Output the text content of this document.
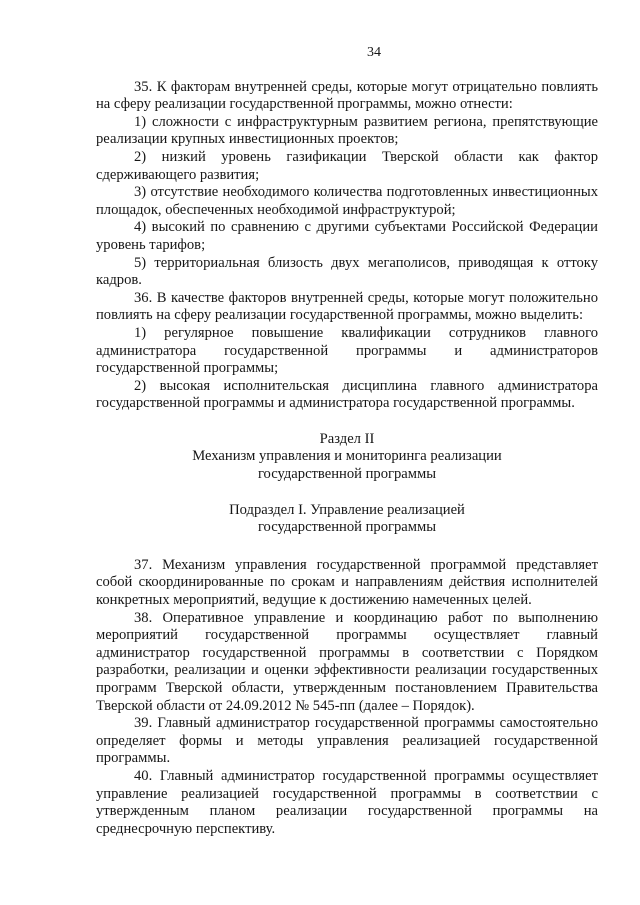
34

35. К факторам внутренней среды, которые могут отрицательно повлиять на сферу реализации государственной программы, можно отнести:

1) сложности с инфраструктурным развитием региона, препятствующие реализации крупных инвестиционных проектов;

2) низкий уровень газификации Тверской области как фактор сдерживающего развития;

3) отсутствие необходимого количества подготовленных инвестиционных площадок, обеспеченных необходимой инфраструктурой;

4) высокий по сравнению с другими субъектами Российской Федерации уровень тарифов;

5) территориальная близость двух мегаполисов, приводящая к оттоку кадров.

36. В качестве факторов внутренней среды, которые могут положительно повлиять на сферу реализации государственной программы, можно выделить:

1) регулярное повышение квалификации сотрудников главного администратора государственной программы и администраторов государственной программы;

2) высокая исполнительская дисциплина главного администратора государственной программы и администратора государственной программы.

Раздел II

Механизм управления и мониторинга реализации

государственной программы

Подраздел I. Управление реализацией

государственной программы

37. Механизм управления государственной программой представляет собой скоординированные по срокам и направлениям действия исполнителей конкретных мероприятий, ведущие к достижению намеченных целей.

38. Оперативное управление и координацию работ по выполнению мероприятий государственной программы осуществляет главный администратор государственной программы в соответствии с Порядком разработки, реализации и оценки эффективности реализации государственных программ Тверской области, утвержденным постановлением Правительства Тверской области от 24.09.2012 № 545-пп (далее – Порядок).

39. Главный администратор государственной программы самостоятельно определяет формы и методы управления реализацией государственной программы.

40. Главный администратор государственной программы осуществляет управление реализацией государственной программы в соответствии с утвержденным планом реализации государственной программы на среднесрочную перспективу.
